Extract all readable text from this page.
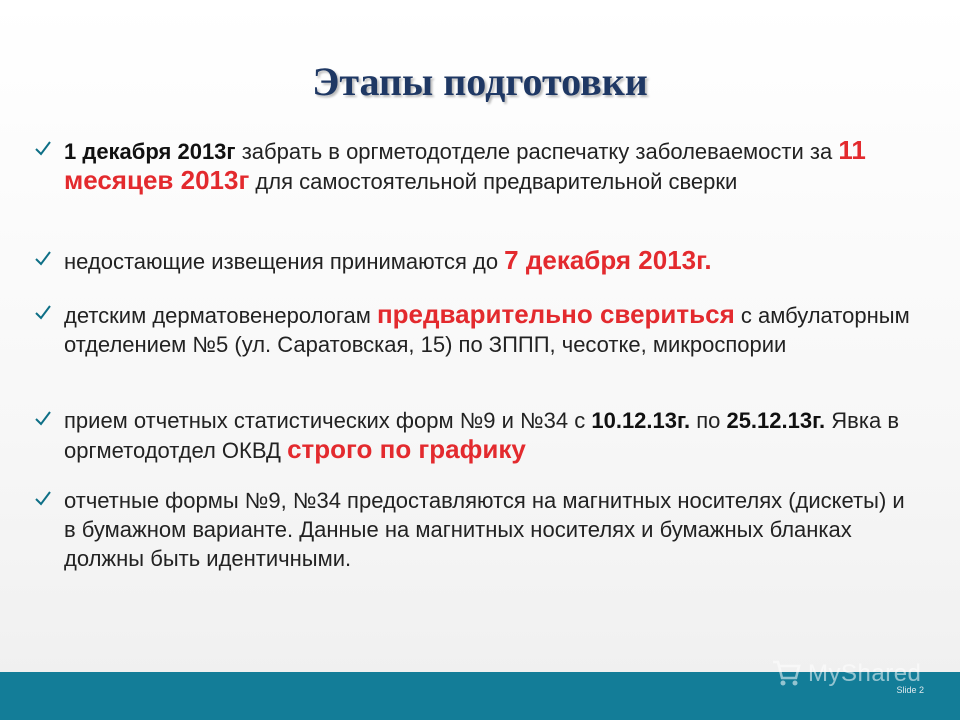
Этапы подготовки
1 декабря 2013г забрать в оргметодотделе распечатку заболеваемости за 11 месяцев 2013г для самостоятельной предварительной сверки
недостающие извещения принимаются до 7 декабря 2013г.
детским дерматовенерологам предварительно свериться с амбулаторным отделением №5 (ул. Саратовская, 15) по ЗППП, чесотке, микроспории
прием отчетных статистических форм №9 и №34 с 10.12.13г. по 25.12.13г. Явка в оргметодотдел ОКВД строго по графику
отчетные формы №9, №34 предоставляются на магнитных носителях (дискеты) и в бумажном варианте. Данные на магнитных носителях и бумажных бланках должны быть идентичными.
MyShared
Slide 2
